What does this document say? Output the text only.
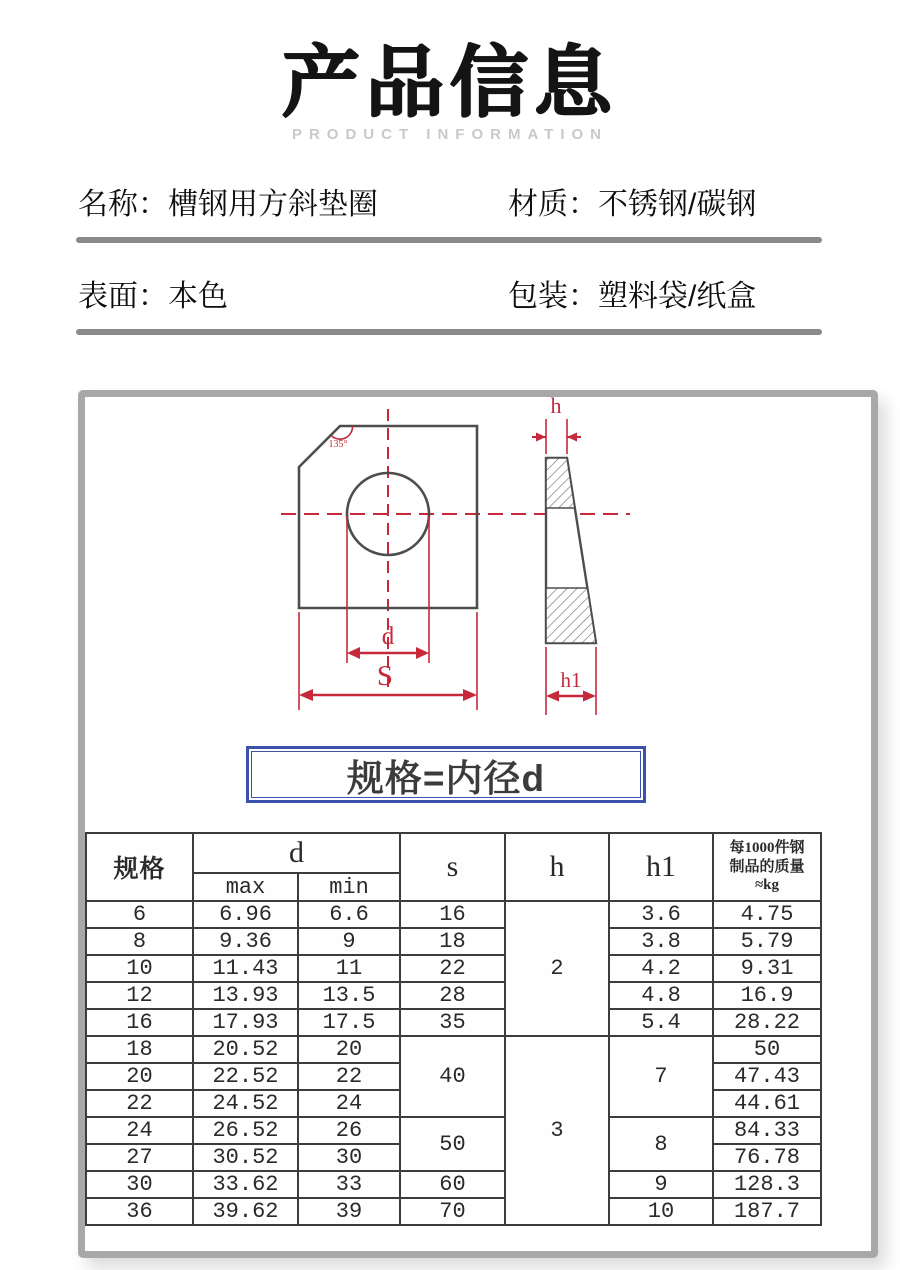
产品信息
PRODUCT INFORMATION
名称：槽钢用方斜垫圈	材质：不锈钢/碳钢
表面：本色	包装：塑料袋/纸盒
135°
d
S
h
h1
规格=内径d
规格	d		s	h	h1	每1000件钢
制品的质量
≈kg

	max	min				
6	6.96	6.6	16	2	3.6	4.75
8	9.36	9	18		3.8	5.79
10	11.43	11	22		4.2	9.31
12	13.93	13.5	28		4.8	16.9
16	17.93	17.5	35		5.4	28.22
18	20.52	20	40	3	7	50
20	22.52	22				47.43
22	24.52	24				44.61
24	26.52	26	50		8	84.33
27	30.52	30				76.78
30	33.62	33	60		9	128.3
36	39.62	39	70		10	187.7
